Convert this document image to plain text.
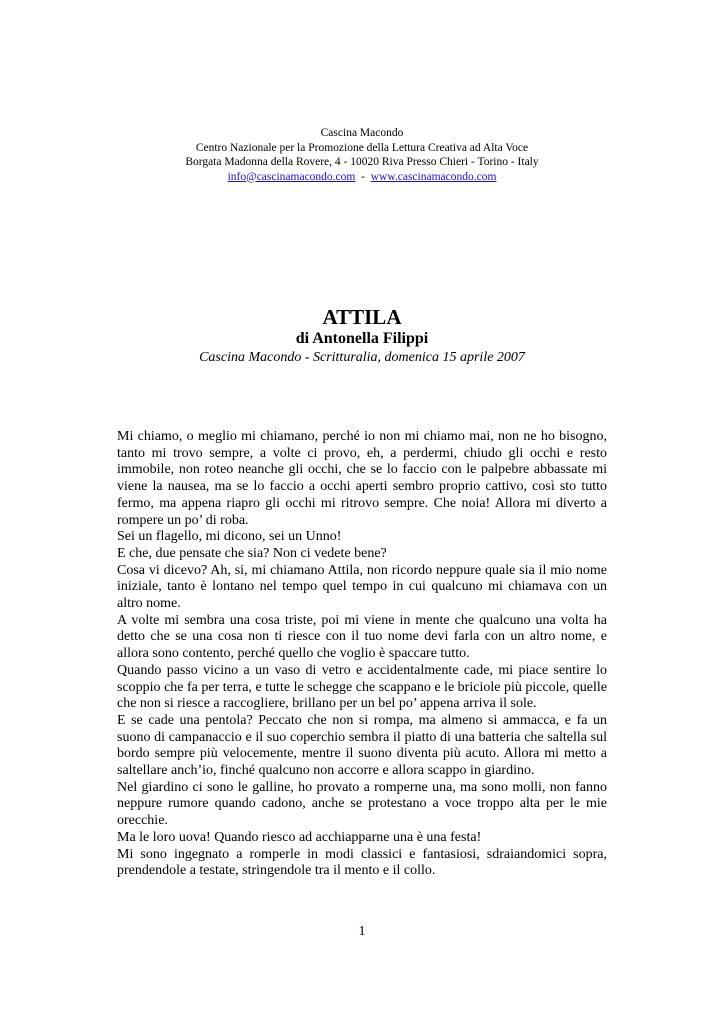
Cascina Macondo
Centro Nazionale per la Promozione della Lettura Creativa ad Alta Voce
Borgata Madonna della Rovere, 4 - 10020 Riva Presso Chieri - Torino - Italy
info@cascinamacondo.com - www.cascinamacondo.com
ATTILA
di Antonella Filippi
Cascina Macondo - Scritturalia, domenica 15 aprile 2007

Mi chiamo, o meglio mi chiamano, perché io non mi chiamo mai, non ne ho bisogno, tanto mi trovo sempre, a volte ci provo, eh, a perdermi, chiudo gli occhi e resto immobile, non roteo neanche gli occhi, che se lo faccio con le palpebre abbassate mi viene la nausea, ma se lo faccio a occhi aperti sembro proprio cattivo, così sto tutto fermo, ma appena riapro gli occhi mi ritrovo sempre. Che noia! Allora mi diverto a rompere un po’ di roba.

Sei un flagello, mi dicono, sei un Unno!

E che, due pensate che sia? Non ci vedete bene?

Cosa vi dicevo? Ah, si, mi chiamano Attila, non ricordo neppure quale sia il mio nome iniziale, tanto è lontano nel tempo quel tempo in cui qualcuno mi chiamava con un altro nome.

A volte mi sembra una cosa triste, poi mi viene in mente che qualcuno una volta ha detto che se una cosa non ti riesce con il tuo nome devi farla con un altro nome, e allora sono contento, perché quello che voglio è spaccare tutto.

Quando passo vicino a un vaso di vetro e accidentalmente cade, mi piace sentire lo scoppio che fa per terra, e tutte le schegge che scappano e le briciole più piccole, quelle che non si riesce a raccogliere, brillano per un bel po’ appena arriva il sole.

E se cade una pentola? Peccato che non si rompa, ma almeno si ammacca, e fa un suono di campanaccio e il suo coperchio sembra il piatto di una batteria che saltella sul bordo sempre più velocemente, mentre il suono diventa più acuto. Allora mi metto a saltellare anch’io, finché qualcuno non accorre e allora scappo in giardino.

Nel giardino ci sono le galline, ho provato a romperne una, ma sono molli, non fanno neppure rumore quando cadono, anche se protestano a voce troppo alta per le mie orecchie.

Ma le loro uova! Quando riesco ad acchiapparne una è una festa!

Mi sono ingegnato a romperle in modi classici e fantasiosi, sdraiandomici sopra, prendendole a testate, stringendole tra il mento e il collo.

1
